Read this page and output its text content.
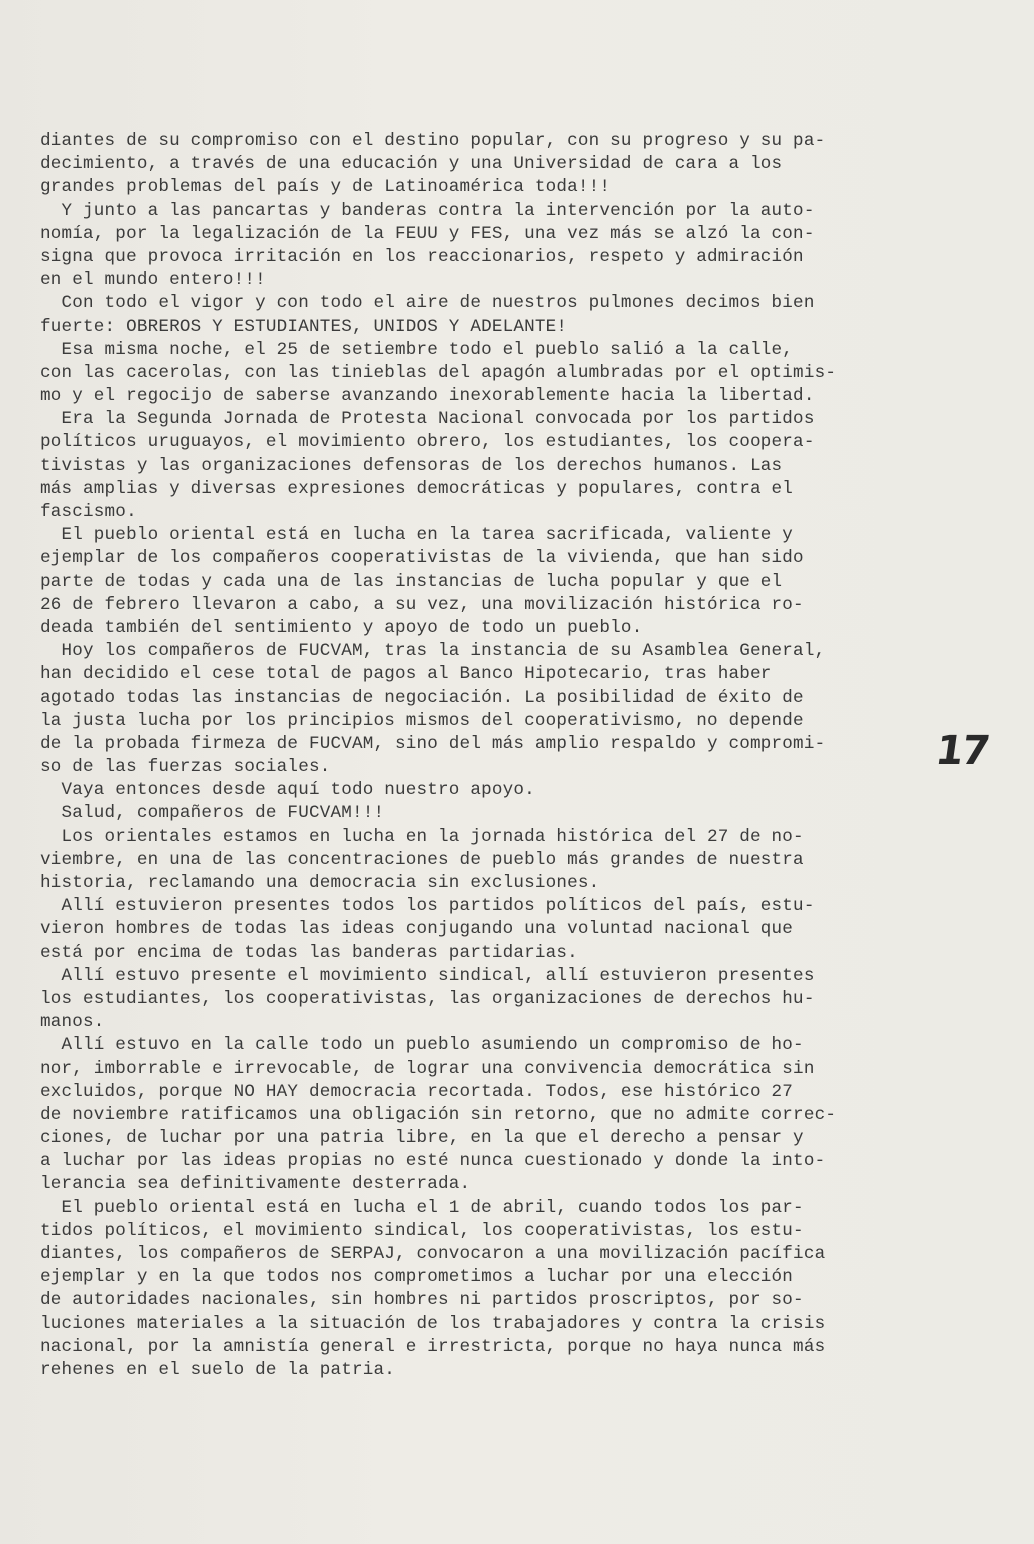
diantes de su compromiso con el destino popular, con su progreso y su pa-
decimiento, a través de una educación y una Universidad de cara a los
grandes problemas del país y de Latinoamérica toda!!!
Y junto a las pancartas y banderas contra la intervención por la auto-
nomía, por la legalización de la FEUU y FES, una vez más se alzó la con-
signa que provoca irritación en los reaccionarios, respeto y admiración
en el mundo entero!!!
Con todo el vigor y con todo el aire de nuestros pulmones decimos bien
fuerte: OBREROS Y ESTUDIANTES, UNIDOS Y ADELANTE!
Esa misma noche, el 25 de setiembre todo el pueblo salió a la calle,
con las cacerolas, con las tinieblas del apagón alumbradas por el optimis-
mo y el regocijo de saberse avanzando inexorablemente hacia la libertad.
Era la Segunda Jornada de Protesta Nacional convocada por los partidos
políticos uruguayos, el movimiento obrero, los estudiantes, los coopera-
tivistas y las organizaciones defensoras de los derechos humanos. Las
más amplias y diversas expresiones democráticas y populares, contra el
fascismo.
El pueblo oriental está en lucha en la tarea sacrificada, valiente y
ejemplar de los compañeros cooperativistas de la vivienda, que han sido
parte de todas y cada una de las instancias de lucha popular y que el
26 de febrero llevaron a cabo, a su vez, una movilización histórica ro-
deada también del sentimiento y apoyo de todo un pueblo.
Hoy los compañeros de FUCVAM, tras la instancia de su Asamblea General,
han decidido el cese total de pagos al Banco Hipotecario, tras haber
agotado todas las instancias de negociación. La posibilidad de éxito de
la justa lucha por los principios mismos del cooperativismo, no depende
de la probada firmeza de FUCVAM, sino del más amplio respaldo y compromi-
so de las fuerzas sociales.
Vaya entonces desde aquí todo nuestro apoyo.
Salud, compañeros de FUCVAM!!!
Los orientales estamos en lucha en la jornada histórica del 27 de no-
viembre, en una de las concentraciones de pueblo más grandes de nuestra
historia, reclamando una democracia sin exclusiones.
Allí estuvieron presentes todos los partidos políticos del país, estu-
vieron hombres de todas las ideas conjugando una voluntad nacional que
está por encima de todas las banderas partidarias.
Allí estuvo presente el movimiento sindical, allí estuvieron presentes
los estudiantes, los cooperativistas, las organizaciones de derechos hu-
manos.
Allí estuvo en la calle todo un pueblo asumiendo un compromiso de ho-
nor, imborrable e irrevocable, de lograr una convivencia democrática sin
excluidos, porque NO HAY democracia recortada. Todos, ese histórico 27
de noviembre ratificamos una obligación sin retorno, que no admite correc-
ciones, de luchar por una patria libre, en la que el derecho a pensar y
a luchar por las ideas propias no esté nunca cuestionado y donde la into-
lerancia sea definitivamente desterrada.
El pueblo oriental está en lucha el 1 de abril, cuando todos los par-
tidos políticos, el movimiento sindical, los cooperativistas, los estu-
diantes, los compañeros de SERPAJ, convocaron a una movilización pacífica
ejemplar y en la que todos nos comprometimos a luchar por una elección
de autoridades nacionales, sin hombres ni partidos proscriptos, por so-
luciones materiales a la situación de los trabajadores y contra la crisis
nacional, por la amnistía general e irrestricta, porque no haya nunca más
rehenes en el suelo de la patria.
17
